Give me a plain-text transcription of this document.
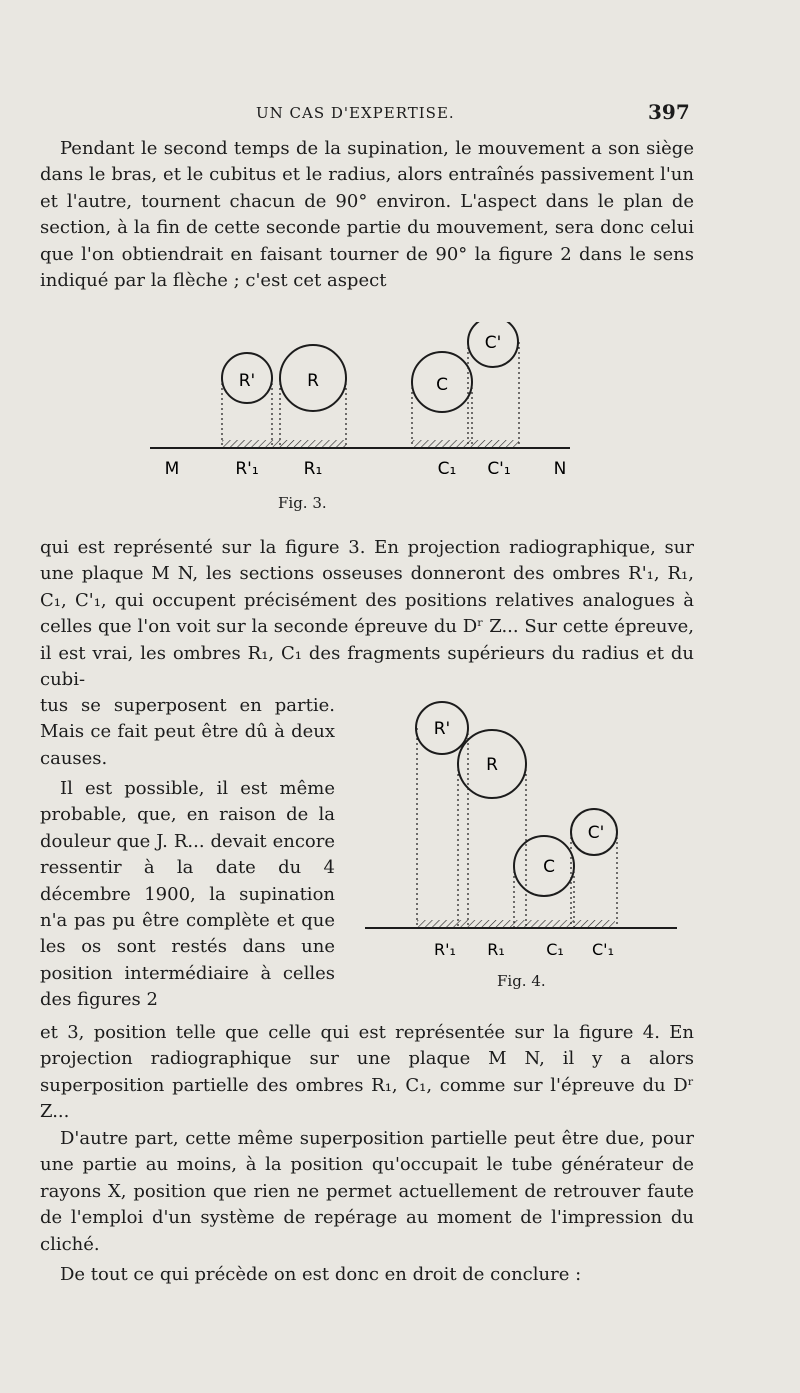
UN CAS D'EXPERTISE.	397

Pendant le second temps de la supination, le mouvement a son siège dans le bras, et le cubitus et le radius, alors entraînés passivement l'un et l'autre, tournent chacun de 90° environ. L'aspect dans le plan de section, à la fin de cette seconde partie du mouvement, sera donc celui que l'on obtiendrait en faisant tourner de 90° la figure 2 dans le sens indiqué par la flèche ; c'est cet aspect

R'	R	C
C'
M	R'₁	R₁	C₁ C'₁	N
Fig. 3.

qui est représenté sur la figure 3. En projection radiographique, sur une plaque M N, les sections osseuses donneront des ombres R'₁, R₁, C₁, C'₁, qui occupent précisément des positions relatives analogues à celles que l'on voit sur la seconde épreuve du Dʳ Z... Sur cette épreuve, il est vrai, les ombres R₁, C₁ des fragments supérieurs du radius et du cubi-

tus se superposent en partie. Mais ce fait peut être dû à deux causes.

Il est possible, il est même probable, que, en raison de la douleur que J. R... devait encore ressentir à la date du 4 décembre 1900, la supination n'a pas pu être complète et que les os sont restés dans une position intermédiaire à celles des figures 2

R'
R
C
C'
R'₁ R₁	C₁ C'₁
Fig. 4.

et 3, position telle que celle qui est représentée sur la figure 4. En projection radiographique sur une plaque M N, il y a alors superposition partielle des ombres R₁, C₁, comme sur l'épreuve du Dʳ Z...

D'autre part, cette même superposition partielle peut être due, pour une partie au moins, à la position qu'occupait le tube générateur de rayons X, position que rien ne permet actuellement de retrouver faute de l'emploi d'un système de repérage au moment de l'impression du cliché.

De tout ce qui précède on est donc en droit de conclure :
